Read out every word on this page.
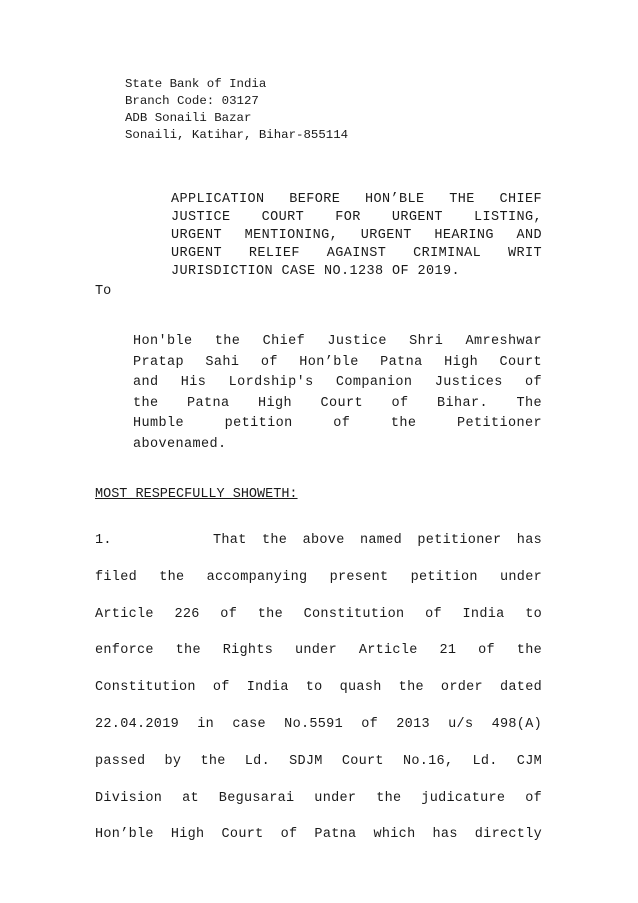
State Bank of India
Branch Code: 03127
ADB Sonaili Bazar
Sonaili, Katihar, Bihar-855114
APPLICATION BEFORE HON’BLE THE CHIEF
JUSTICE COURT FOR URGENT LISTING,
URGENT MENTIONING, URGENT HEARING AND
URGENT RELIEF AGAINST CRIMINAL WRIT
JURISDICTION CASE NO.1238 OF 2019.
To
Hon'ble the Chief Justice Shri Amreshwar
Pratap Sahi of Hon’ble Patna High Court
and His Lordship's Companion Justices of
the Patna High Court of Bihar. The
Humble petition of the Petitioner
abovenamed.
MOST RESPECFULLY SHOWETH:
1.	That the above named petitioner has
filed the accompanying present petition under
Article 226 of the Constitution of India to
enforce the Rights under Article 21 of the
Constitution of India to quash the order dated
22.04.2019 in case No.5591 of 2013 u/s 498(A)
passed by the Ld. SDJM Court No.16, Ld. CJM
Division at Begusarai under the judicature of
Hon’ble High Court of Patna which has directly
